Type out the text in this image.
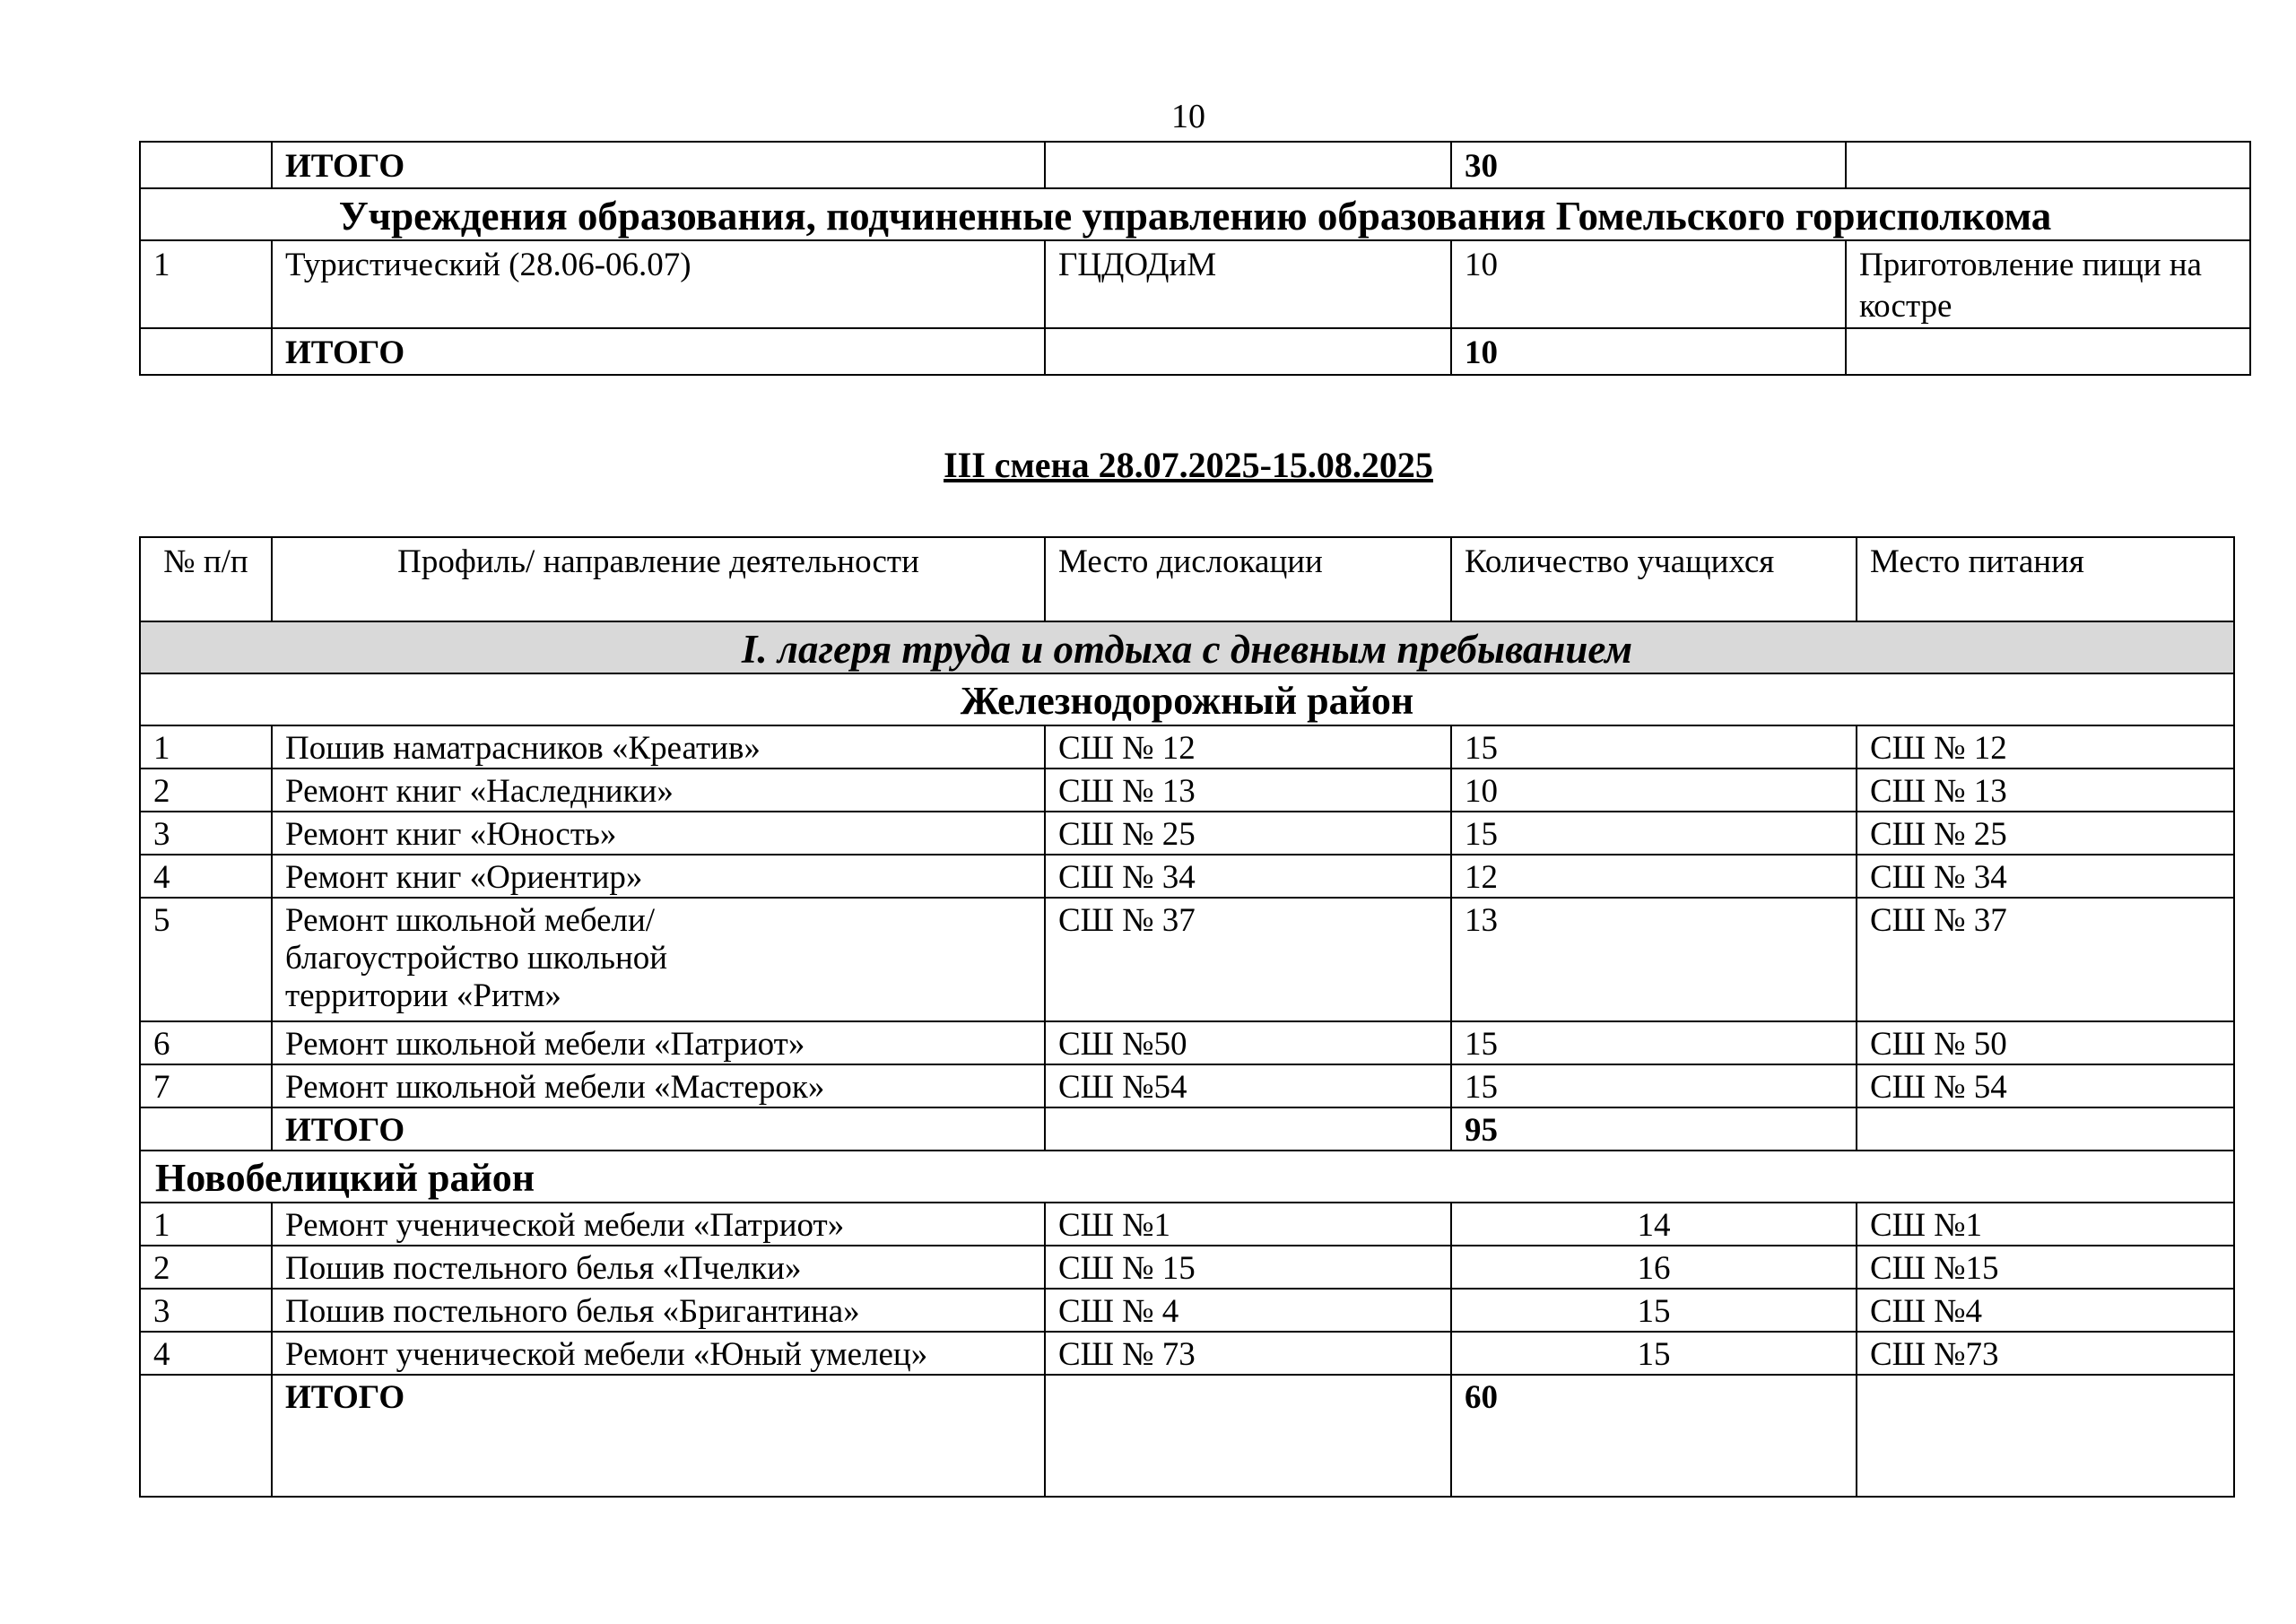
10
	ИТОГО		30	
Учреждения образования, подчиненные управлению образования Гомельского горисполкома				
1	Туристический (28.06-06.07)	ГЦДОДиМ	10	Приготовление пищи на костре
	ИТОГО		10	
III смена 28.07.2025-15.08.2025
№ п/п	Профиль/ направление деятельности	Место дислокации	Количество учащихся	Место питания
I. лагеря труда и отдыха с дневным пребыванием				
Железнодорожный район				
1	Пошив наматрасников «Креатив»	СШ № 12	15	СШ № 12
2	Ремонт книг «Наследники»	СШ № 13	10	СШ № 13
3	Ремонт книг «Юность»	СШ № 25	15	СШ № 25
4	Ремонт книг «Ориентир»	СШ № 34	12	СШ № 34
5	Ремонт школьной мебели/ благоустройство школьной территории «Ритм»	СШ № 37	13	СШ № 37
6	Ремонт школьной мебели «Патриот»	СШ №50	15	СШ № 50
7	Ремонт школьной мебели «Мастерок»	СШ №54	15	СШ № 54
	ИТОГО		95	
Новобелицкий район				
1	Ремонт ученической мебели «Патриот»	СШ №1	14	СШ №1
2	Пошив постельного белья «Пчелки»	СШ № 15	16	СШ №15
3	Пошив постельного белья «Бригантина»	СШ № 4	15	СШ №4
4	Ремонт ученической мебели «Юный умелец»	СШ № 73	15	СШ №73
	ИТОГО		60	
